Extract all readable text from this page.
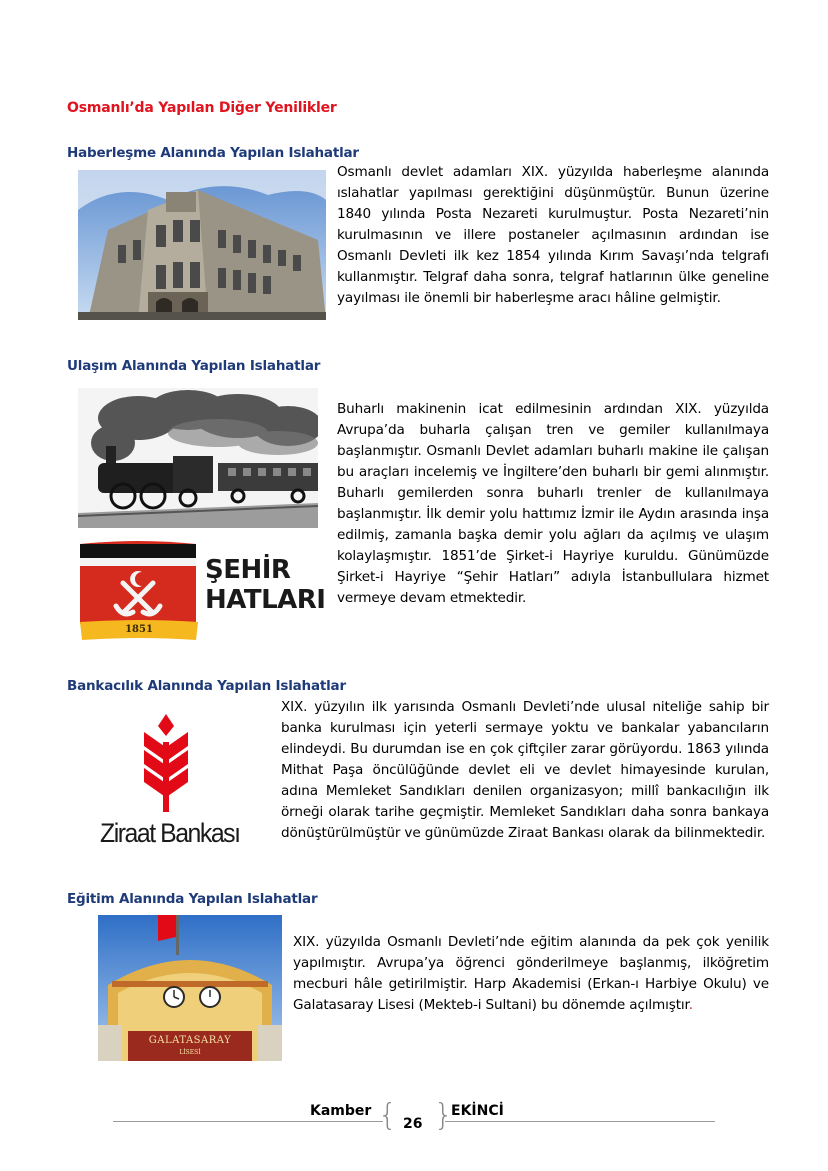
Osmanlı’da Yapılan Diğer Yenilikler
Haberleşme Alanında Yapılan Islahatlar
Osmanlı devlet adamları XIX. yüzyılda haberleşme alanında ıslahatlar yapılması gerektiğini düşünmüştür. Bunun üzerine 1840 yılında Posta Nezareti kurulmuştur. Posta Nezareti’nin kurulmasının ve illere postaneler açılmasının ardından ise Osmanlı Devleti ilk kez 1854 yılında Kırım Savaşı’nda telgrafı kullanmıştır. Telgraf daha sonra, telgraf hatlarının ülke geneline yayılması ile önemli bir haberleşme aracı hâline gelmiştir.
Ulaşım Alanında Yapılan Islahatlar
1851
ŞEHİR
HATLARI
Buharlı makinenin icat edilmesinin ardından XIX. yüzyılda Avrupa’da buharla çalışan tren ve gemiler kullanılmaya başlanmıştır. Osmanlı Devlet adamları buharlı makine ile çalışan bu araçları incelemiş ve İngiltere’den buharlı bir gemi alınmıştır. Buharlı gemilerden sonra buharlı trenler de kullanılmaya başlanmıştır. İlk demir yolu hattımız İzmir ile Aydın arasında inşa edilmiş, zamanla başka demir yolu ağları da açılmış ve ulaşım kolaylaşmıştır. 1851’de Şirket-i Hayriye kuruldu. Günümüzde Şirket-i Hayriye “Şehir Hatları” adıyla İstanbullulara hizmet vermeye devam etmektedir.
Bankacılık Alanında Yapılan Islahatlar
Ziraat Bankası
XIX. yüzyılın ilk yarısında Osmanlı Devleti’nde ulusal niteliğe sahip bir banka kurulması için yeterli sermaye yoktu ve bankalar yabancıların elindeydi. Bu durumdan ise en çok çiftçiler zarar görüyordu. 1863 yılında Mithat Paşa öncülüğünde devlet eli ve devlet himayesinde kurulan, adına Memleket Sandıkları denilen organizasyon; millî bankacılığın ilk örneği olarak tarihe geçmiştir. Memleket Sandıkları daha sonra bankaya dönüştürülmüştür ve günümüzde Ziraat Bankası olarak da bilinmektedir.
Eğitim Alanında Yapılan Islahatlar
GALATASARAY
LİSESİ
XIX. yüzyılda Osmanlı Devleti’nde eğitim alanında da pek çok yenilik yapılmıştır. Avrupa’ya öğrenci gönderilmeye başlanmış, ilköğretim mecburi hâle getirilmiştir. Harp Akademisi (Erkan-ı Harbiye Okulu) ve Galatasaray Lisesi (Mekteb-i Sultani) bu dönemde açılmıştır.
Kamber { 26 }
EKİNCİ
